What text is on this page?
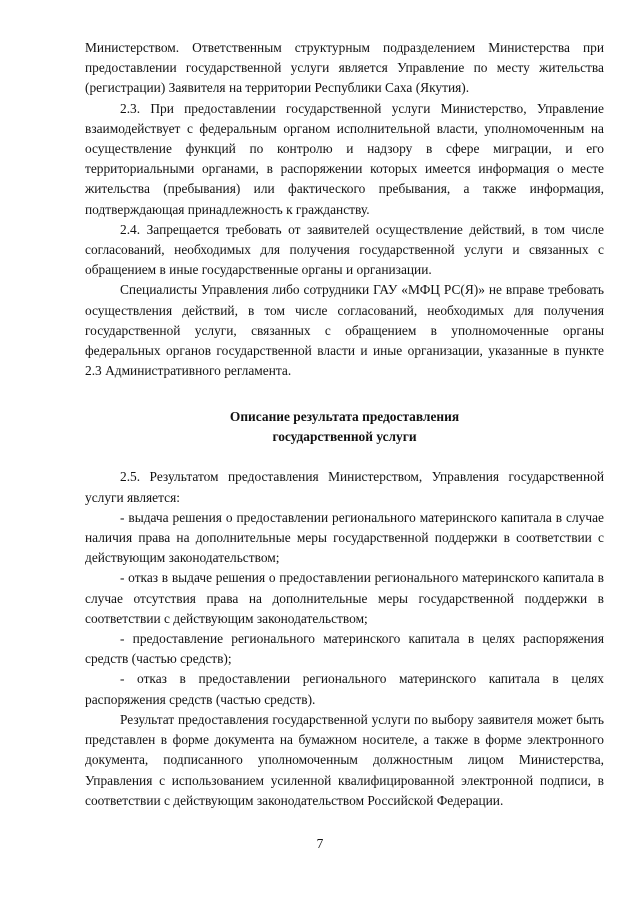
Министерством. Ответственным структурным подразделением Министерства при предоставлении государственной услуги является Управление по месту жительства (регистрации) Заявителя на территории Республики Саха (Якутия).

2.3. При предоставлении государственной услуги Министерство, Управление взаимодействует с федеральным органом исполнительной власти, уполномоченным на осуществление функций по контролю и надзору в сфере миграции, и его территориальными органами, в распоряжении которых имеется информация о месте жительства (пребывания) или фактического пребывания, а также информация, подтверждающая принадлежность к гражданству.

2.4. Запрещается требовать от заявителей осуществление действий, в том числе согласований, необходимых для получения государственной услуги и связанных с обращением в иные государственные органы и организации.

Специалисты Управления либо сотрудники ГАУ «МФЦ РС(Я)» не вправе требовать осуществления действий, в том числе согласований, необходимых для получения государственной услуги, связанных с обращением в уполномоченные органы федеральных органов государственной власти и иные организации, указанные в пункте 2.3 Административного регламента.

Описание результата предоставления

государственной услуги

2.5. Результатом предоставления Министерством, Управления государственной услуги является:

- выдача решения о предоставлении регионального материнского капитала в случае наличия права на дополнительные меры государственной поддержки в соответствии с действующим законодательством;

- отказ в выдаче решения о предоставлении регионального материнского капитала в случае отсутствия права на дополнительные меры государственной поддержки в соответствии с действующим законодательством;

- предоставление регионального материнского капитала в целях распоряжения средств (частью средств);

- отказ в предоставлении регионального материнского капитала в целях распоряжения средств (частью средств).

Результат предоставления государственной услуги по выбору заявителя может быть представлен в форме документа на бумажном носителе, а также в форме электронного документа, подписанного уполномоченным должностным лицом Министерства, Управления с использованием усиленной квалифицированной электронной подписи, в соответствии с действующим законодательством Российской Федерации.

7
